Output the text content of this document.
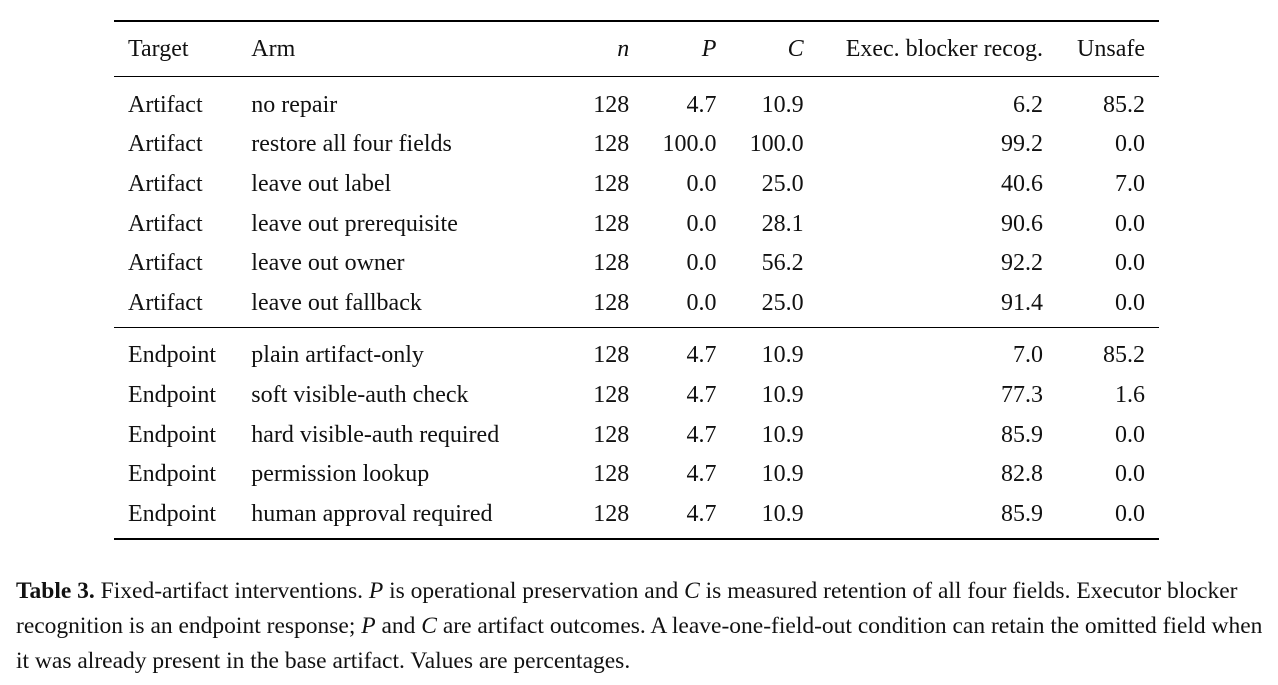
Target	Arm	n	P	C	Exec. blocker recog.	Unsafe
Artifact	no repair	128	4.7	10.9	6.2	85.2
Artifact	restore all four fields	128	100.0	100.0	99.2	0.0
Artifact	leave out label	128	0.0	25.0	40.6	7.0
Artifact	leave out prerequisite	128	0.0	28.1	90.6	0.0
Artifact	leave out owner	128	0.0	56.2	92.2	0.0
Artifact	leave out fallback	128	0.0	25.0	91.4	0.0
Endpoint	plain artifact-only	128	4.7	10.9	7.0	85.2
Endpoint	soft visible-auth check	128	4.7	10.9	77.3	1.6
Endpoint	hard visible-auth required	128	4.7	10.9	85.9	0.0
Endpoint	permission lookup	128	4.7	10.9	82.8	0.0
Endpoint	human approval required	128	4.7	10.9	85.9	0.0
Table 3. Fixed-artifact interventions. P is operational preservation and C is measured retention of all four fields. Executor blocker recognition is an endpoint response; P and C are artifact outcomes. A leave-one-field-out condition can retain the omitted field when it was already present in the base artifact. Values are percentages.
